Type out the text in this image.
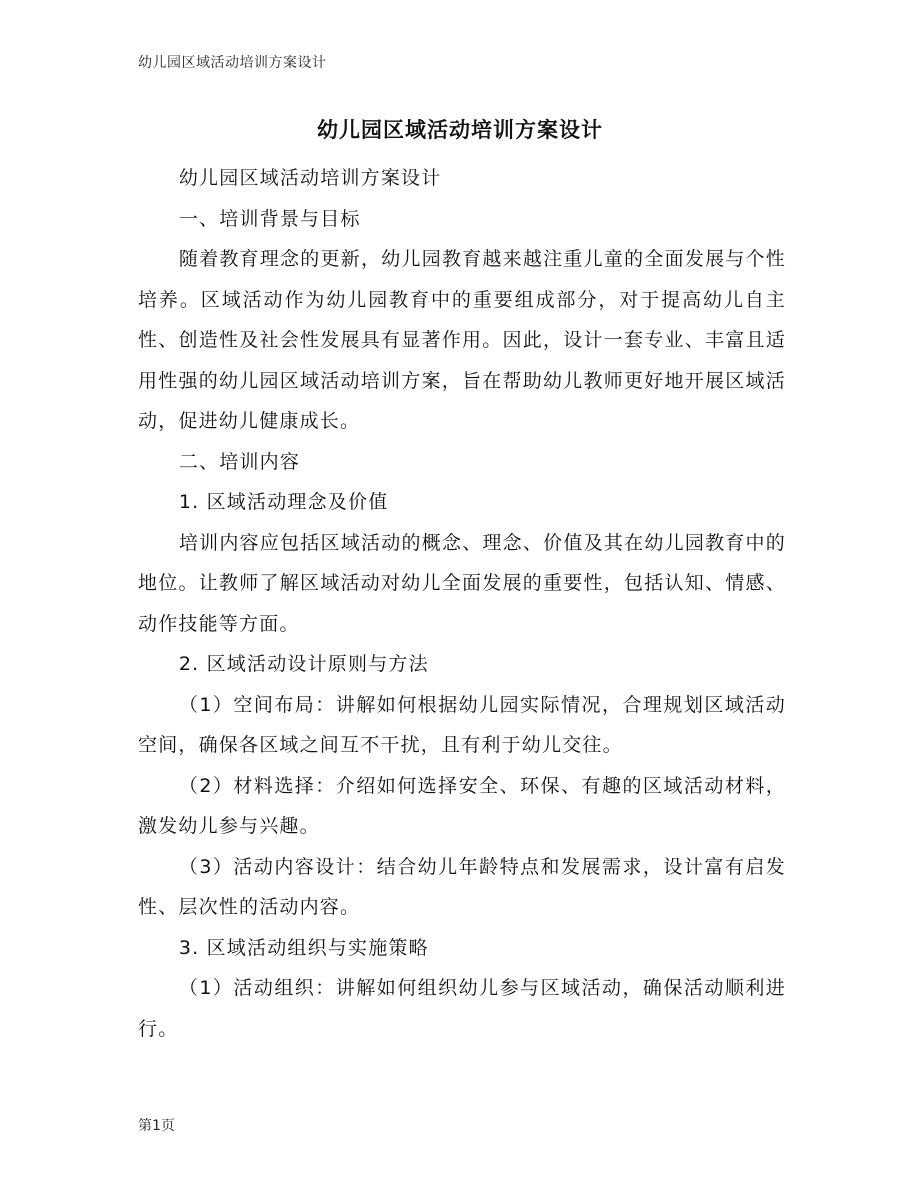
幼儿园区域活动培训方案设计
幼儿园区域活动培训方案设计

幼儿园区域活动培训方案设计

一、培训背景与目标

随着教育理念的更新，幼儿园教育越来越注重儿童的全面发展与个性培养。区域活动作为幼儿园教育中的重要组成部分，对于提高幼儿自主性、创造性及社会性发展具有显著作用。因此，设计一套专业、丰富且适用性强的幼儿园区域活动培训方案，旨在帮助幼儿教师更好地开展区域活动，促进幼儿健康成长。

二、培训内容

1. 区域活动理念及价值

培训内容应包括区域活动的概念、理念、价值及其在幼儿园教育中的地位。让教师了解区域活动对幼儿全面发展的重要性，包括认知、情感、动作技能等方面。

2. 区域活动设计原则与方法

（1）空间布局：讲解如何根据幼儿园实际情况，合理规划区域活动空间，确保各区域之间互不干扰，且有利于幼儿交往。

（2）材料选择：介绍如何选择安全、环保、有趣的区域活动材料，激发幼儿参与兴趣。

（3）活动内容设计：结合幼儿年龄特点和发展需求，设计富有启发性、层次性的活动内容。

3. 区域活动组织与实施策略

（1）活动组织：讲解如何组织幼儿参与区域活动，确保活动顺利进行。

第1页
